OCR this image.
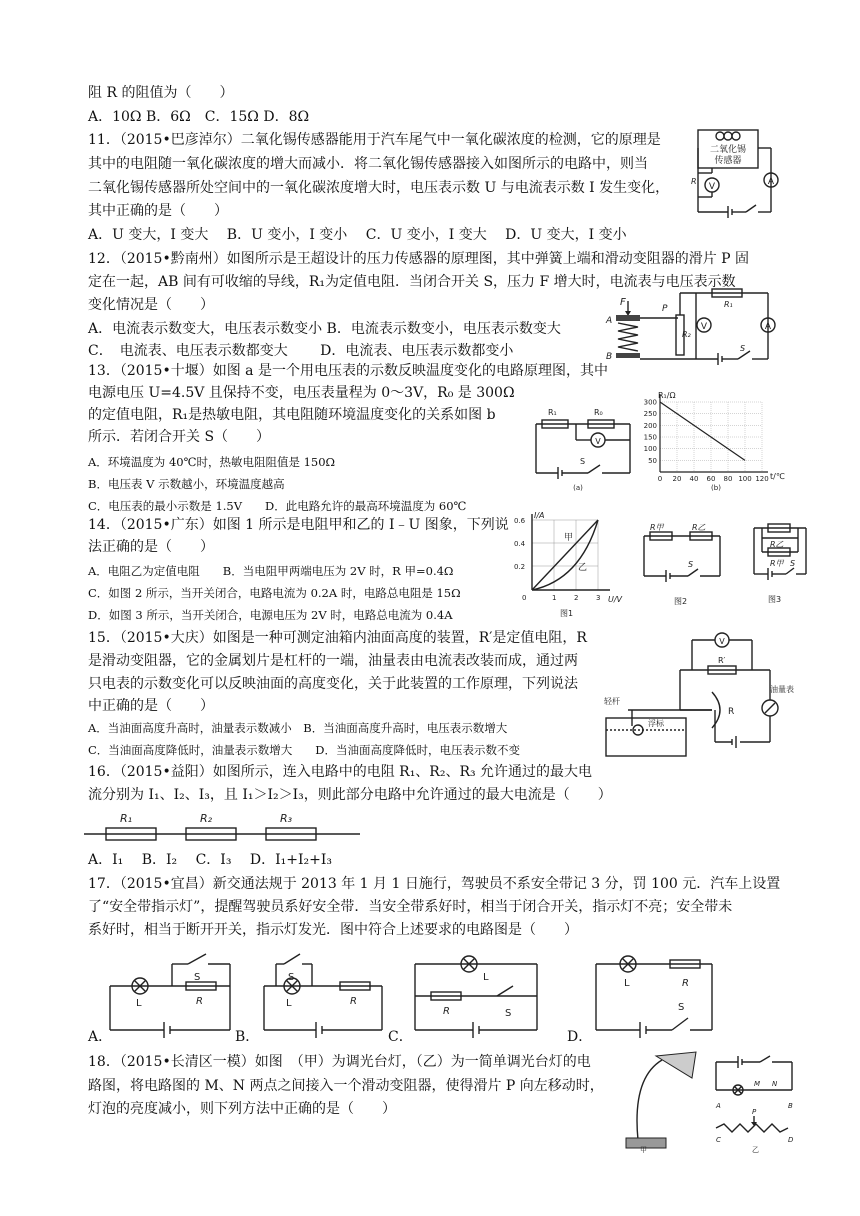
阻 R 的阻值为（　　）
A．10Ω B．6Ω　C．15Ω D．8Ω
11．（2015•巴彦淖尔）二氧化锡传感器能用于汽车尾气中一氧化碳浓度的检测，它的原理是
其中的电阻随一氧化碳浓度的增大而减小．将二氧化锡传感器接入如图所示的电路中，则当
二氧化锡传感器所处空间中的一氧化碳浓度增大时，电压表示数 U 与电流表示数 I 发生变化，
其中正确的是（　　）
A．U 变大，I 变大　 B．U 变小，I 变小　 C．U 变小，I 变大　 D．U 变大，I 变小
12．（2015•黔南州）如图所示是王超设计的压力传感器的原理图，其中弹簧上端和滑动变阻器的滑片 P 固
定在一起，AB 间有可收缩的导线，R₁为定值电阻．当闭合开关 S，压力 F 增大时，电流表与电压表示数
变化情况是（　　）
A．电流表示数变大，电压表示数变小 B．电流表示数变小，电压表示数变大
C．　电流表、电压表示数都变大　　 D．电流表、电压表示数都变小
13．（2015•十堰）如图 a 是一个用电压表的示数反映温度变化的电路原理图，其中
电源电压 U=4.5V 且保持不变，电压表量程为 0～3V，R₀ 是 300Ω
的定值电阻，R₁是热敏电阻，其电阻随环境温度变化的关系如图 b
所示．若闭合开关 S（　　）
A．环境温度为 40℃时，热敏电阻阻值是 150Ω
B．电压表 V 示数越小，环境温度越高
C．电压表的最小示数是 1.5V　　D．此电路允许的最高环境温度为 60℃
14．（2015•广东）如图 1 所示是电阻甲和乙的 I﹣U 图象，下列说
法正确的是（　　）
A．电阻乙为定值电阻　　B．当电阻甲两端电压为 2V 时，R 甲=0.4Ω
C．如图 2 所示，当开关闭合，电路电流为 0.2A 时，电路总电阻是 15Ω
D．如图 3 所示，当开关闭合，电源电压为 2V 时，电路总电流为 0.4A
15．（2015•大庆）如图是一种可测定油箱内油面高度的装置，R′是定值电阻，R
是滑动变阻器，它的金属划片是杠杆的一端，油量表由电流表改装而成，通过两
只电表的示数变化可以反映油面的高度变化，关于此装置的工作原理，下列说法
中正确的是（　　）
A．当油面高度升高时，油量表示数减小　B．当油面高度升高时，电压表示数增大
C．当油面高度降低时，油量表示数增大　　D．当油面高度降低时，电压表示数不变
16．（2015•益阳）如图所示，连入电路中的电阻 R₁、R₂、R₃ 允许通过的最大电
流分别为 I₁、I₂、I₃，且 I₁＞I₂＞I₃，则此部分电路中允许通过的最大电流是（　　）
A．I₁　 B．I₂　 C．I₃　 D．I₁+I₂+I₃
17．（2015•宜昌）新交通法规于 2013 年 1 月 1 日施行，驾驶员不系安全带记 3 分，罚 100 元．汽车上设置
了“安全带指示灯”，提醒驾驶员系好安全带．当安全带系好时，相当于闭合开关，指示灯不亮；安全带未
系好时，相当于断开开关，指示灯发光．图中符合上述要求的电路图是（　　）
A．	B．	C．	D．
18．（2015•长清区一模）如图　（甲）为调光台灯，（乙）为一简单调光台灯的电
路图，将电路图的 M、N 两点之间接入一个滑动变阻器，使得滑片 P 向左移动时，
灯泡的亮度减小，则下列方法中正确的是（　　）
二氧化锡
传感器
V
R	A
F
A
B
P
R₂
R₁
A
V
S
R₁	R₀
V
S
(a)
R₁/Ω
t/℃
(b)
0 20 40 60 80 100 120
50
100
150
200
250
300
I/A
U/V
甲
乙
0.6
0.4
0.2
0	1	2	3
图1
R甲	R乙
S
图2
R乙
R甲 S
图3
V
R′
油量表
R
轻杆
浮标
R₁	R₂	R₃
L	R
S
L	R
S	L
R	S
L	R
S
甲
M N
A	B
P
C	D
乙
